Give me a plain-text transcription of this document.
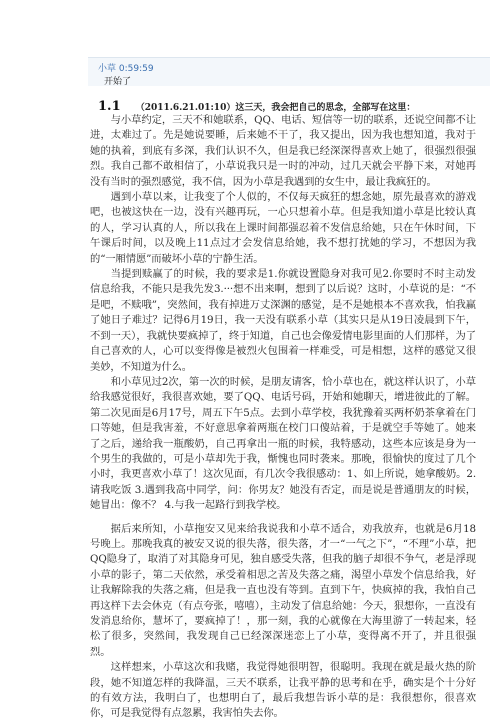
小草 0:59:59
开始了
1.1 （2011.6.21.01:10）这三天，我会把自己的思念，全部写在这里：

与小草约定，三天不和她联系，QQ、电话、短信等一切的联系，还说空间都不让进，太难过了。先是她说要睡，后来她不干了，我又提出，因为我也想知道，我对于她的执着，到底有多深，我们认识不久，但是我已经深深得喜欢上她了，很强烈很强烈。我自己都不敢相信了，小草说我只是一时的冲动，过几天就会平静下来，对她再没有当时的强烈感觉，我不信，因为小草是我遇到的女生中，最让我疯狂的。

遇到小草以来，让我变了个人似的，不仅每天疯狂的想念她，原先最喜欢的游戏吧，也被这快在一边，没有兴趣再玩，一心只想着小草。但是我知道小草是比较认真的人，学习认真的人，所以我在上课时间都强忍着不发信息给她，只在午休时间，下午课后时间，以及晚上11点过才会发信息给她，我不想打扰她的学习，不想因为我的“一厢情愿”而破坏小草的宁静生活。

当提到赎赢了的时候，我的要求是1.你就设置隐身对我可见2.你要时不时主动发信息给我，不能只是我先发3.···想不出来啊，想到了以后说？这时，小草说的是：“不是吧，不赎哦”，突然间，我有掉进万丈深渊的感觉，是不是她根本不喜欢我，怕我赢了她日子难过？记得6月19日，我一天没有联系小草（其实只是从19日凌晨到下午，不到一天），我就快要疯掉了，终于知道，自己也会像爱情电影里面的人们那样，为了自己喜欢的人，心可以变得像是被烈火包围着一样难受，可是相想，这样的感觉又很美妙，不知道为什么。

和小草见过2次，第一次的时候，是朋友请客，恰小草也在，就这样认识了，小草给我感觉很好，我很喜欢她，要了QQ、电话号码，开始和她聊天，增进彼此的了解。第二次见面是6月17号，周五下午5点。去到小草学校，我犹豫着买两杯奶茶拿着在门口等她，但是我害羞，不好意思拿着两瓶在校门口傻站着，于是就空手等她了。她来了之后，递给我一瓶酸奶，自己再拿出一瓶的时候，我特感动，这些本应该是身为一个男生的我做的，可是小草却先于我，惭愧也同时袭来。那晚，很愉快的度过了几个小时，我更喜欢小草了！这次见面，有几次令我很感动：1、如上所说，她拿酸奶。2.请我吃饭 3.遇到我高中同学，问：你男友？她没有否定，而是说是普通朋友的时候，她冒出：像不？ 4.与我一起路行到我学校。

据后来所知，小草拖安又见来给我说我和小草不适合，劝我放弃，也就是6月18号晚上。那晚我真的被安又说的很失落，很失落，才一“一气之下”，“不理”小草，把QQ隐身了，取消了对其隐身可见，独自感受失落，但我的脑子却很不争气，老是浮现小草的影子，第二天依然，承受着相思之苦及失落之痛，渴望小草发个信息给我，好让我解除我的失落之痛，但是我一直也没有等到。直到下午，快疯掉的我，我怕自己再这样下去会休克（有点夸张，嘻嘻），主动发了信息给她：今天，狠想你，一直没有发消息给你，慧坏了，要疯掉了！，那一刻，我的心就像在大海里游了一转起来，轻松了很多，突然间，我发现自己已经深深迷恋上了小草，变得离不开了，并且很强烈。

这样想来，小草这次和我赌，我觉得她很明智，很聪明。我现在就是最火热的阶段，她不知道怎样的我降温，三天不联系，让我平静的思考和在乎，确实是个十分好的有效方法，我明白了，也想明白了，最后我想告诉小草的是：我很想你，很喜欢你，可是我觉得有点忽累，我害怕失去你。
